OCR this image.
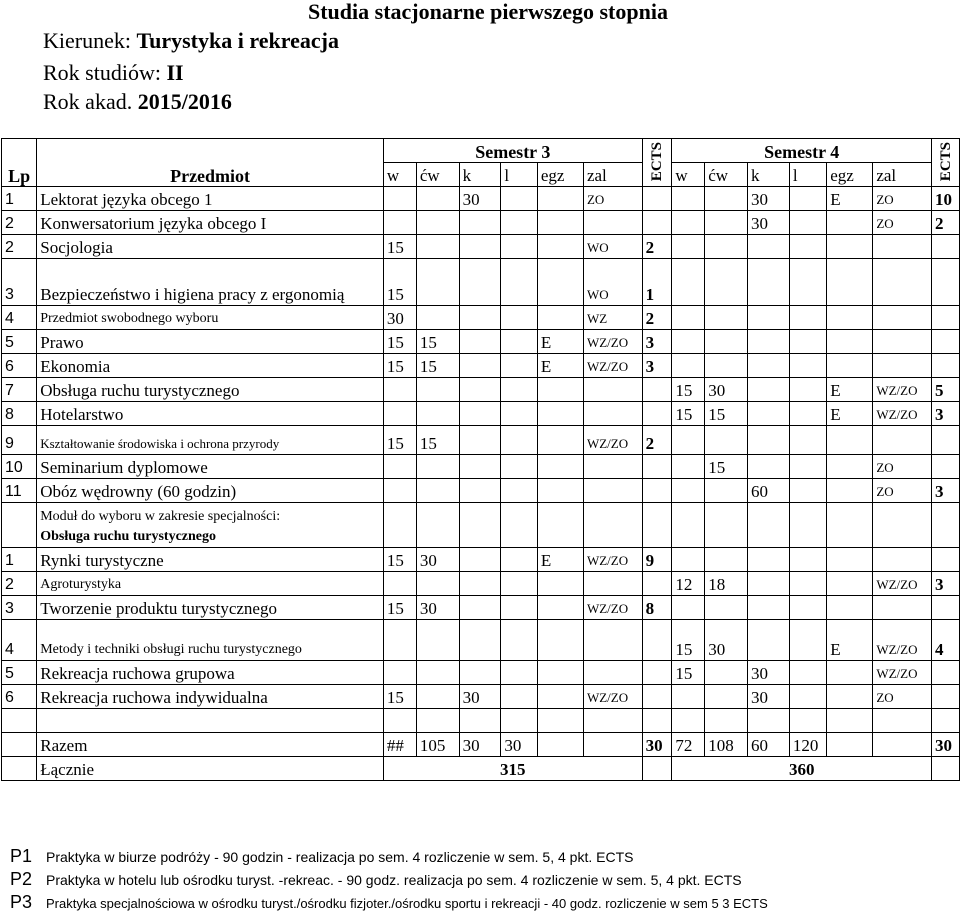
Studia stacjonarne pierwszego stopnia
Kierunek: Turystyka i rekreacja
Rok studiów: II
Rok akad. 2015/2016
Lp	Przedmiot	Semestr 3						ECTS	Semestr 4						ECTS
		w	ćw	k	l	egz	zal		w	ćw	k	l	egz	zal	
1	Lektorat języka obcego 1			30			ZO				30		E	ZO	10
2	Konwersatorium języka obcego I										30			ZO	2
2	Socjologia	15					WO	2							
3	Bezpieczeństwo i higiena pracy z ergonomią	15					WO	1							
4	Przedmiot swobodnego wyboru	30					WZ	2							
5	Prawo	15	15			E	WZ/ZO	3							
6	Ekonomia	15	15			E	WZ/ZO	3							
7	Obsługa ruchu turystycznego								15	30			E	WZ/ZO	5
8	Hotelarstwo								15	15			E	WZ/ZO	3
9	Kształtowanie środowiska i ochrona przyrody	15	15				WZ/ZO	2							
10	Seminarium dyplomowe									15				ZO	
11	Obóz wędrowny (60 godzin)										60			ZO	3

	Moduł do wyboru w zakresie specjalności:
Obsługa ruchu turystycznego														

1	Rynki turystyczne	15	30			E	WZ/ZO	9							
2	Agroturystyka								12	18				WZ/ZO	3
3	Tworzenie produktu turystycznego	15	30				WZ/ZO	8							
4	Metody i techniki obsługi ruchu turystycznego								15	30			E	WZ/ZO	4
5	Rekreacja ruchowa grupowa								15		30			WZ/ZO	
6	Rekreacja ruchowa indywidualna	15		30			WZ/ZO				30			ZO	

	Razem	##	105	30	30			30	72	108	60	120			30
	Łącznie	315							360						
P1 Praktyka w biurze podróży - 90 godzin - realizacja po sem. 4 rozliczenie w sem. 5, 4 pkt. ECTS
P2 Praktyka w hotelu lub ośrodku turyst. -rekreac. - 90 godz. realizacja po sem. 4 rozliczenie w sem. 5, 4 pkt. ECTS
P3 Praktyka specjalnościowa w ośrodku turyst./ośrodku fizjoter./ośrodku sportu i rekreacji - 40 godz. rozliczenie w sem 5 3 ECTS
